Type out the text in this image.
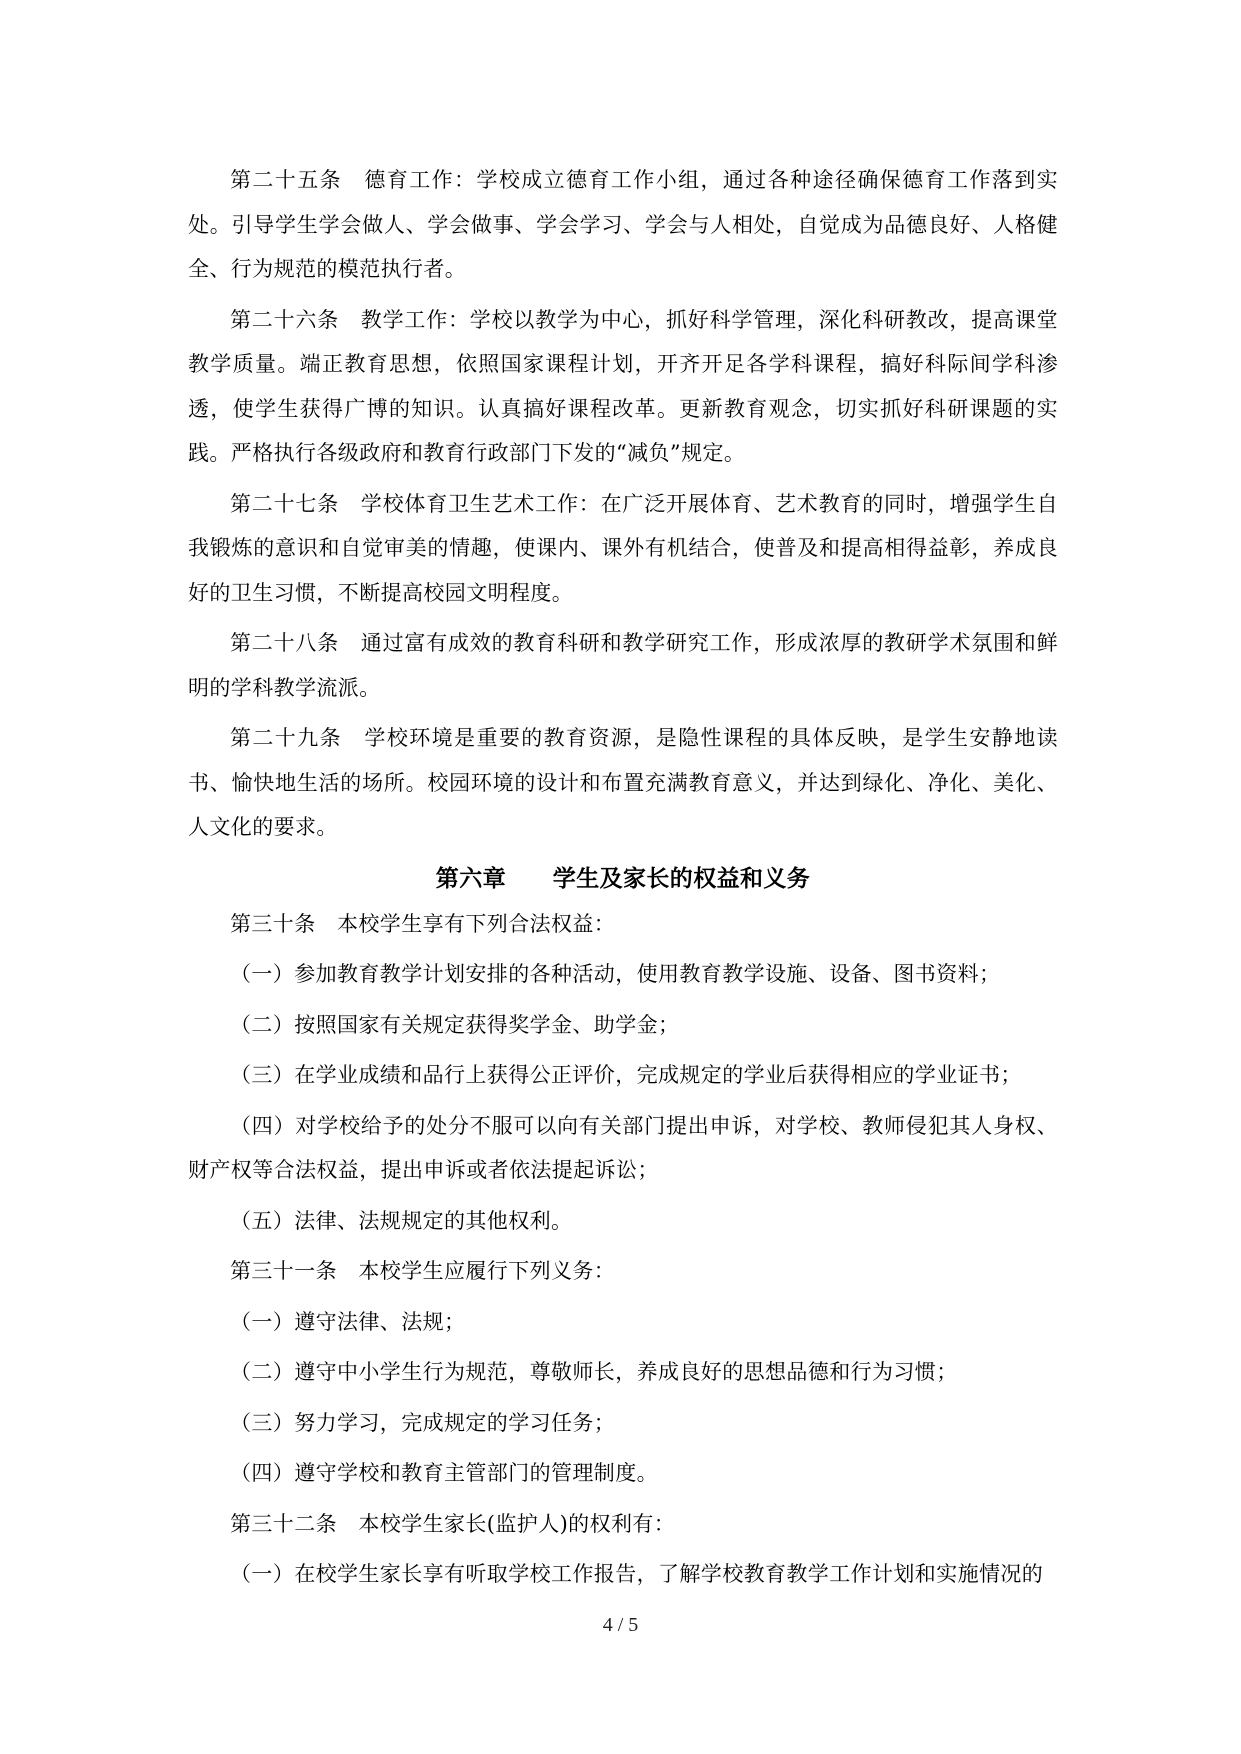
第二十五条　德育工作：学校成立德育工作小组，通过各种途径确保德育工作落到实处。引导学生学会做人、学会做事、学会学习、学会与人相处，自觉成为品德良好、人格健全、行为规范的模范执行者。

第二十六条　教学工作：学校以教学为中心，抓好科学管理，深化科研教改，提高课堂教学质量。端正教育思想，依照国家课程计划，开齐开足各学科课程，搞好科际间学科渗透，使学生获得广博的知识。认真搞好课程改革。更新教育观念，切实抓好科研课题的实践。严格执行各级政府和教育行政部门下发的“减负”规定。

第二十七条　学校体育卫生艺术工作：在广泛开展体育、艺术教育的同时，增强学生自我锻炼的意识和自觉审美的情趣，使课内、课外有机结合，使普及和提高相得益彰，养成良好的卫生习惯，不断提高校园文明程度。

第二十八条　通过富有成效的教育科研和教学研究工作，形成浓厚的教研学术氛围和鲜明的学科教学流派。

第二十九条　学校环境是重要的教育资源，是隐性课程的具体反映，是学生安静地读书、愉快地生活的场所。校园环境的设计和布置充满教育意义，并达到绿化、净化、美化、人文化的要求。

第六章　　学生及家长的权益和义务

第三十条　本校学生享有下列合法权益：

（一）参加教育教学计划安排的各种活动，使用教育教学设施、设备、图书资料；

（二）按照国家有关规定获得奖学金、助学金；

（三）在学业成绩和品行上获得公正评价，完成规定的学业后获得相应的学业证书；

（四）对学校给予的处分不服可以向有关部门提出申诉，对学校、教师侵犯其人身权、财产权等合法权益，提出申诉或者依法提起诉讼；

（五）法律、法规规定的其他权利。

第三十一条　本校学生应履行下列义务：

（一）遵守法律、法规；

（二）遵守中小学生行为规范，尊敬师长，养成良好的思想品德和行为习惯；

（三）努力学习，完成规定的学习任务；

（四）遵守学校和教育主管部门的管理制度。

第三十二条　本校学生家长(监护人)的权利有：

（一）在校学生家长享有听取学校工作报告，了解学校教育教学工作计划和实施情况的

4 / 5
